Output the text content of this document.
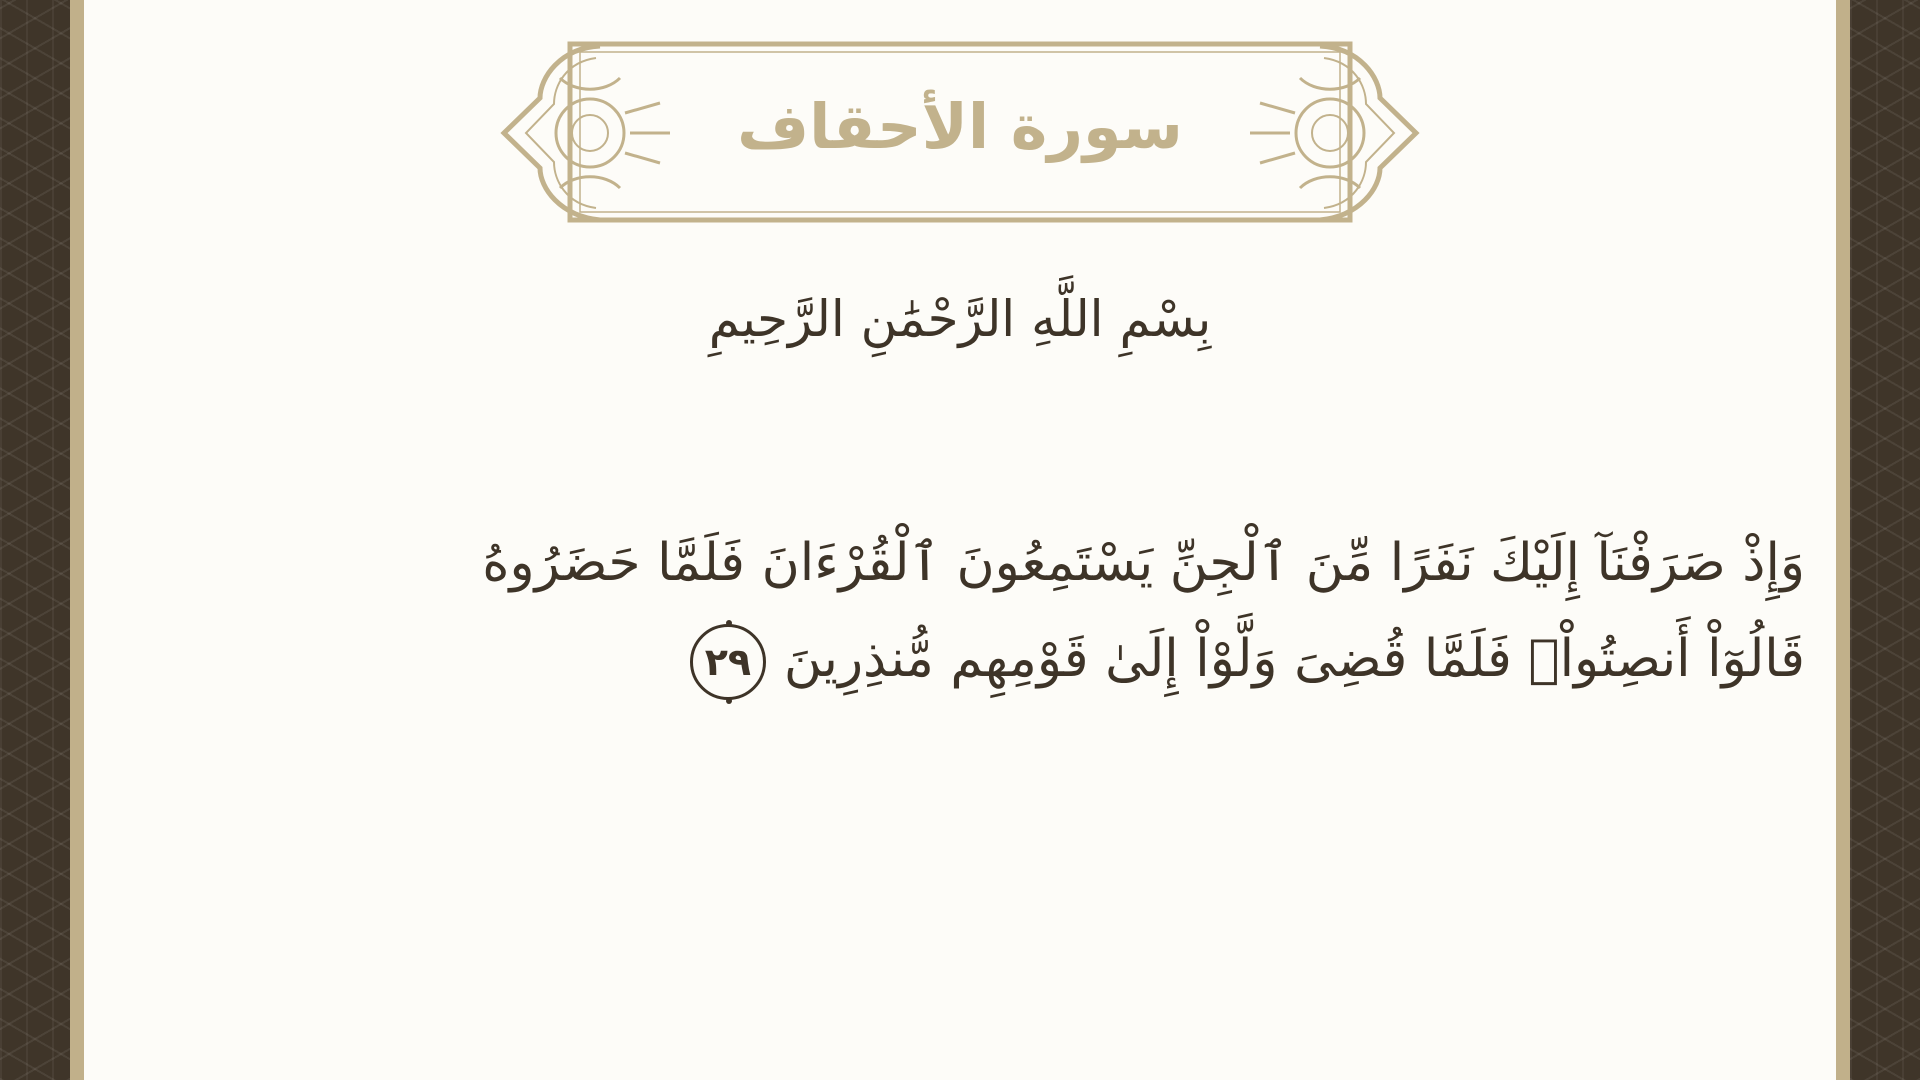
سورة الأحقاف
بِسْمِ اللَّهِ الرَّحْمَٰنِ الرَّحِيمِ
وَإِذْ صَرَفْنَآ إِلَيْكَ نَفَرًا مِّنَ ٱلْجِنِّ يَسْتَمِعُونَ ٱلْقُرْءَانَ فَلَمَّا حَضَرُوهُ
قَالُوٓاْ أَنصِتُواْۖ فَلَمَّا قُضِىَ وَلَّوْاْ إِلَىٰ قَوْمِهِم مُّنذِرِينَ٢٩
